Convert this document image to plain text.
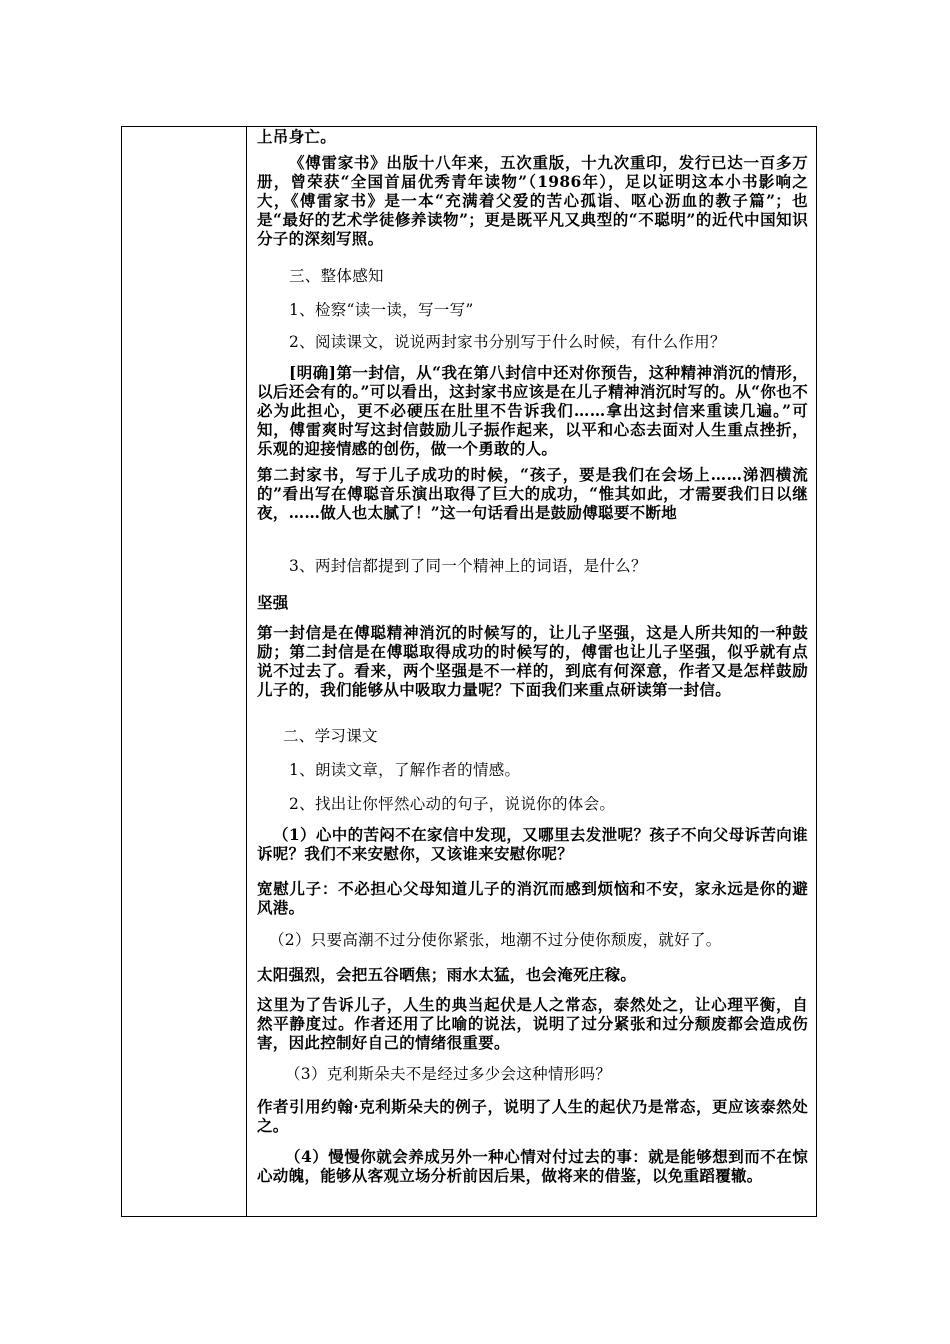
上吊身亡。

《傅雷家书》出版十八年来，五次重版，十九次重印，发行已达一百多万册，曾荣获“全国首届优秀青年读物”（1986年），足以证明这本小书影响之大，《傅雷家书》是一本“充满着父爱的苦心孤诣、呕心沥血的教子篇”；也是“最好的艺术学徒修养读物”；更是既平凡又典型的“不聪明”的近代中国知识分子的深刻写照。

三、整体感知

1、检察“读一读，写一写”

2、阅读课文，说说两封家书分别写于什么时候，有什么作用？

[明确]第一封信，从“我在第八封信中还对你预告，这种精神消沉的情形，以后还会有的。”可以看出，这封家书应该是在儿子精神消沉时写的。从“你也不必为此担心，更不必硬压在肚里不告诉我们……拿出这封信来重读几遍。”可知，傅雷爽时写这封信鼓励儿子振作起来，以平和心态去面对人生重点挫折，乐观的迎接情感的创伤，做一个勇敢的人。

第二封家书，写于儿子成功的时候，“孩子，要是我们在会场上……涕泗横流的”看出写在傅聪音乐演出取得了巨大的成功，“惟其如此，才需要我们日以继夜，……做人也太腻了！”这一句话看出是鼓励傅聪要不断地

3、两封信都提到了同一个精神上的词语，是什么？

坚强

第一封信是在傅聪精神消沉的时候写的，让儿子坚强，这是人所共知的一种鼓励；第二封信是在傅聪取得成功的时候写的，傅雷也让儿子坚强，似乎就有点说不过去了。看来，两个坚强是不一样的，到底有何深意，作者又是怎样鼓励儿子的，我们能够从中吸取力量呢？下面我们来重点研读第一封信。

二、学习课文

1、朗读文章，了解作者的情感。

2、找出让你怦然心动的句子，说说你的体会。

（1）心中的苦闷不在家信中发现，又哪里去发泄呢？孩子不向父母诉苦向谁诉呢？我们不来安慰你，又该谁来安慰你呢？

宽慰儿子：不必担心父母知道儿子的消沉而感到烦恼和不安，家永远是你的避风港。

（2）只要高潮不过分使你紧张，地潮不过分使你颓废，就好了。

太阳强烈，会把五谷晒焦；雨水太猛，也会淹死庄稼。

这里为了告诉儿子，人生的典当起伏是人之常态，泰然处之，让心理平衡，自然平静度过。作者还用了比喻的说法，说明了过分紧张和过分颓废都会造成伤害，因此控制好自己的情绪很重要。

（3）克利斯朵夫不是经过多少会这种情形吗？

作者引用约翰·克利斯朵夫的例子，说明了人生的起伏乃是常态，更应该泰然处之。

（4）慢慢你就会养成另外一种心情对付过去的事：就是能够想到而不在惊心动魄，能够从客观立场分析前因后果，做将来的借鉴，以免重蹈覆辙。
